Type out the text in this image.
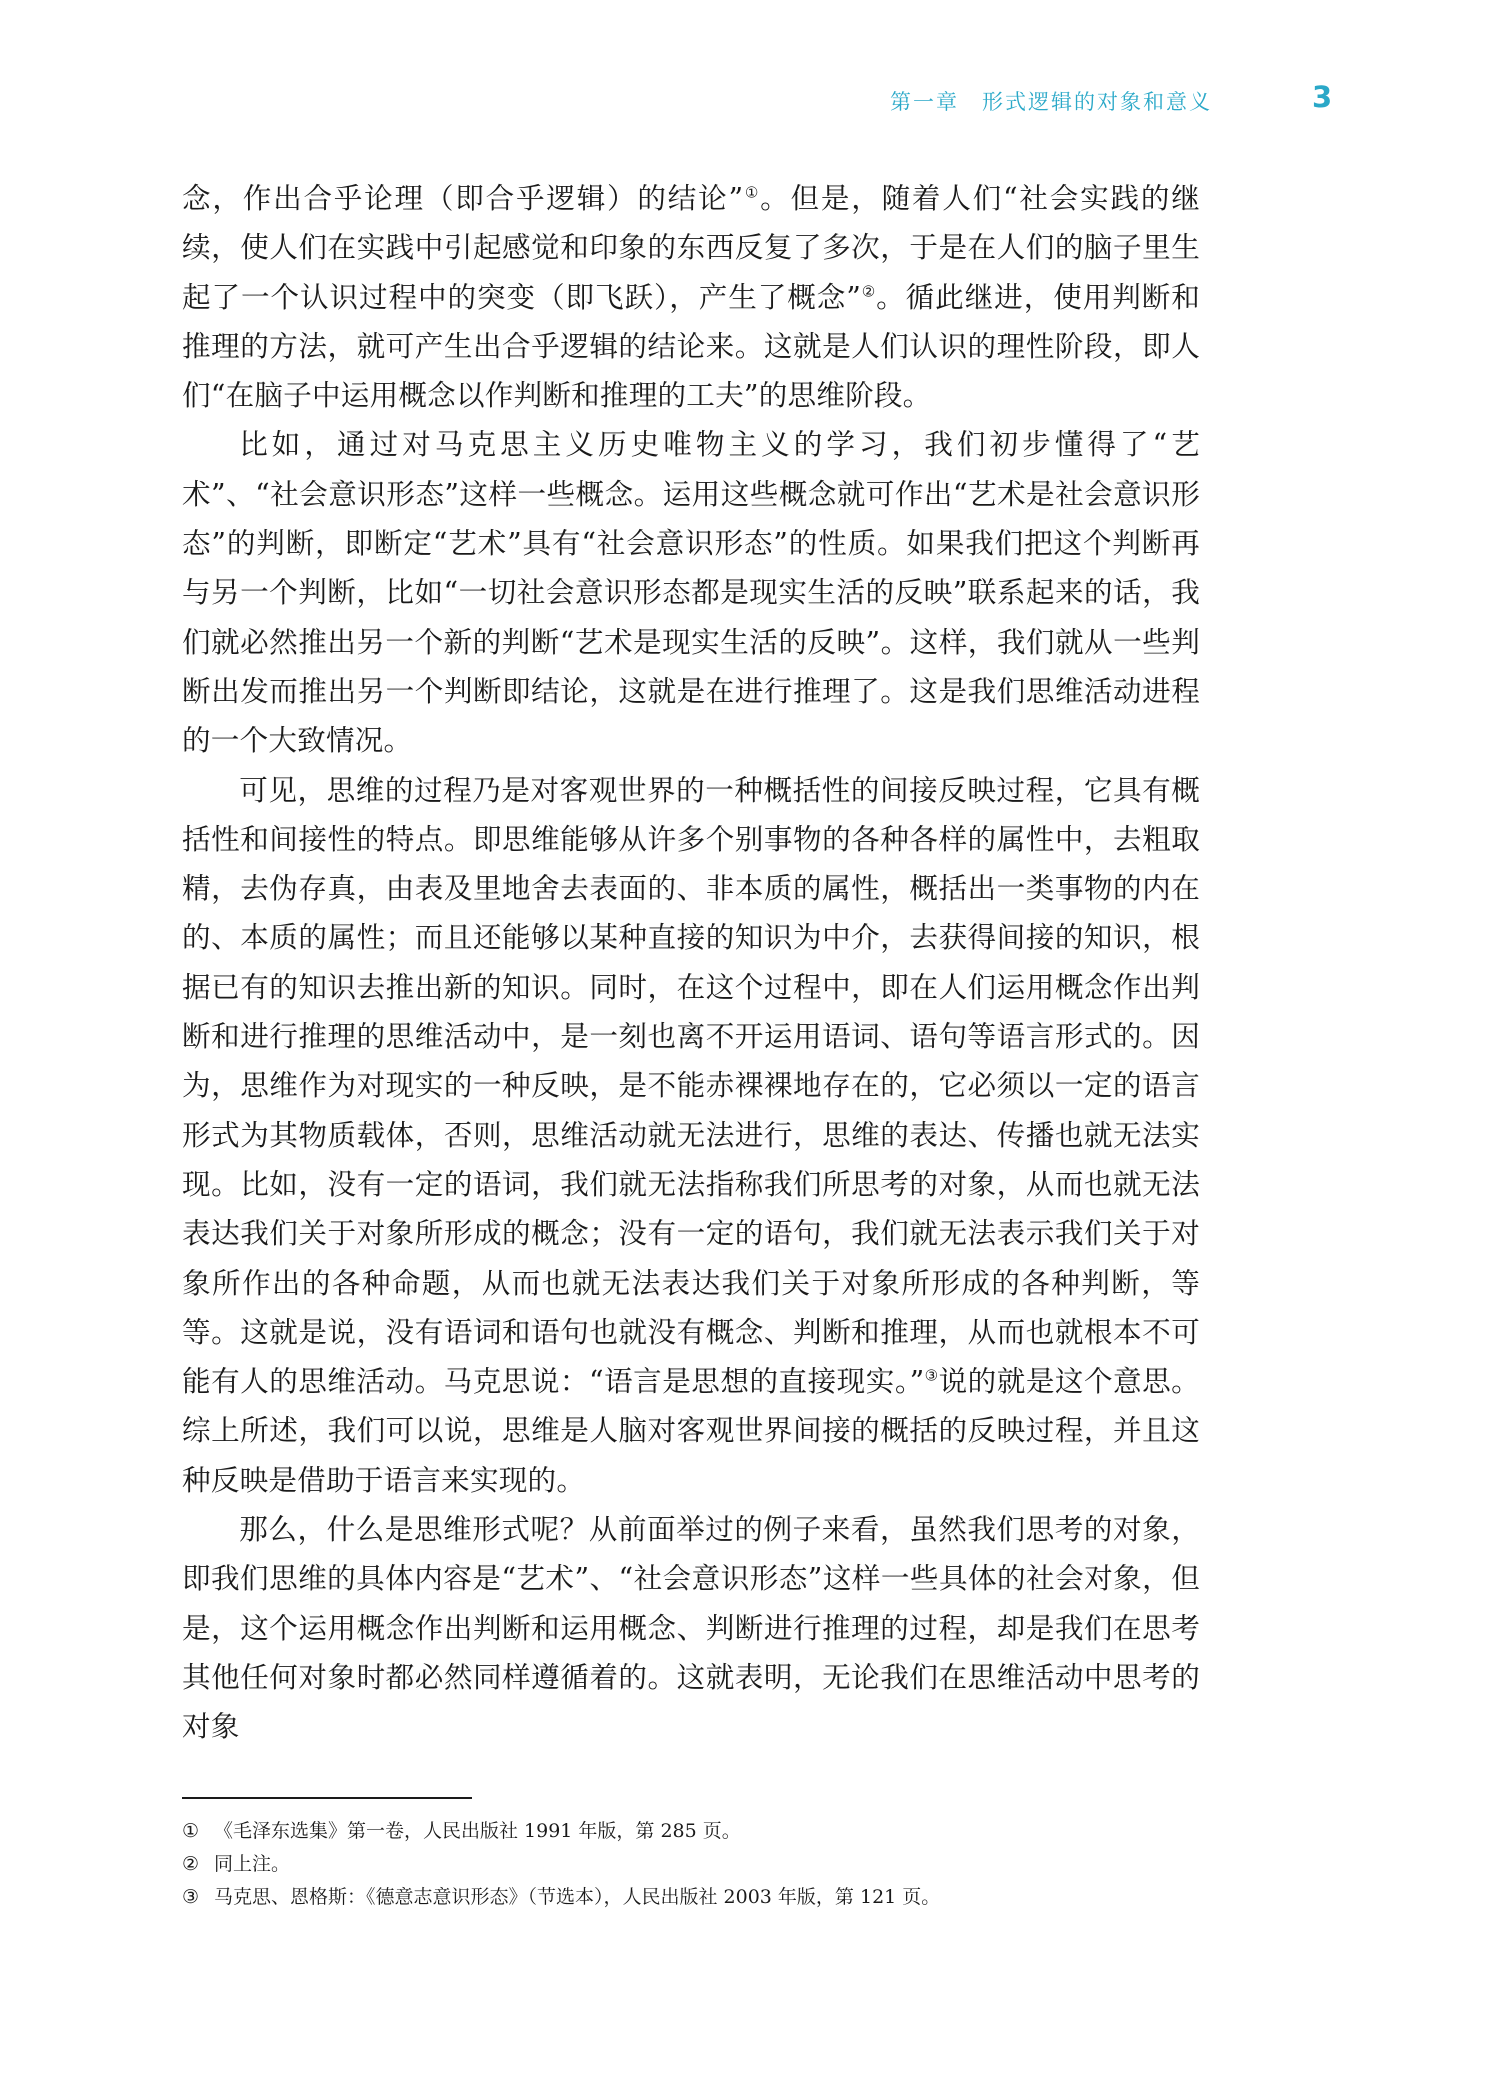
第一章　形式逻辑的对象和意义	3

念，作出合乎论理（即合乎逻辑）的结论”①。但是，随着人们“社会实践的继续，使人们在实践中引起感觉和印象的东西反复了多次，于是在人们的脑子里生起了一个认识过程中的突变（即飞跃），产生了概念”②。循此继进，使用判断和推理的方法，就可产生出合乎逻辑的结论来。这就是人们认识的理性阶段，即人们“在脑子中运用概念以作判断和推理的工夫”的思维阶段。

比如，通过对马克思主义历史唯物主义的学习，我们初步懂得了“艺术”、“社会意识形态”这样一些概念。运用这些概念就可作出“艺术是社会意识形态”的判断，即断定“艺术”具有“社会意识形态”的性质。如果我们把这个判断再与另一个判断，比如“一切社会意识形态都是现实生活的反映”联系起来的话，我们就必然推出另一个新的判断“艺术是现实生活的反映”。这样，我们就从一些判断出发而推出另一个判断即结论，这就是在进行推理了。这是我们思维活动进程的一个大致情况。

可见，思维的过程乃是对客观世界的一种概括性的间接反映过程，它具有概括性和间接性的特点。即思维能够从许多个别事物的各种各样的属性中，去粗取精，去伪存真，由表及里地舍去表面的、非本质的属性，概括出一类事物的内在的、本质的属性；而且还能够以某种直接的知识为中介，去获得间接的知识，根据已有的知识去推出新的知识。同时，在这个过程中，即在人们运用概念作出判断和进行推理的思维活动中，是一刻也离不开运用语词、语句等语言形式的。因为，思维作为对现实的一种反映，是不能赤裸裸地存在的，它必须以一定的语言形式为其物质载体，否则，思维活动就无法进行，思维的表达、传播也就无法实现。比如，没有一定的语词，我们就无法指称我们所思考的对象，从而也就无法表达我们关于对象所形成的概念；没有一定的语句，我们就无法表示我们关于对象所作出的各种命题，从而也就无法表达我们关于对象所形成的各种判断，等等。这就是说，没有语词和语句也就没有概念、判断和推理，从而也就根本不可能有人的思维活动。马克思说：“语言是思想的直接现实。”③说的就是这个意思。综上所述，我们可以说，思维是人脑对客观世界间接的概括的反映过程，并且这种反映是借助于语言来实现的。

那么，什么是思维形式呢？从前面举过的例子来看，虽然我们思考的对象，即我们思维的具体内容是“艺术”、“社会意识形态”这样一些具体的社会对象，但是，这个运用概念作出判断和运用概念、判断进行推理的过程，却是我们在思考其他任何对象时都必然同样遵循着的。这就表明，无论我们在思维活动中思考的对象

① 《毛泽东选集》第一卷，人民出版社 1991 年版，第 285 页。

② 同上注。

③ 马克思、恩格斯：《德意志意识形态》（节选本），人民出版社 2003 年版，第 121 页。
